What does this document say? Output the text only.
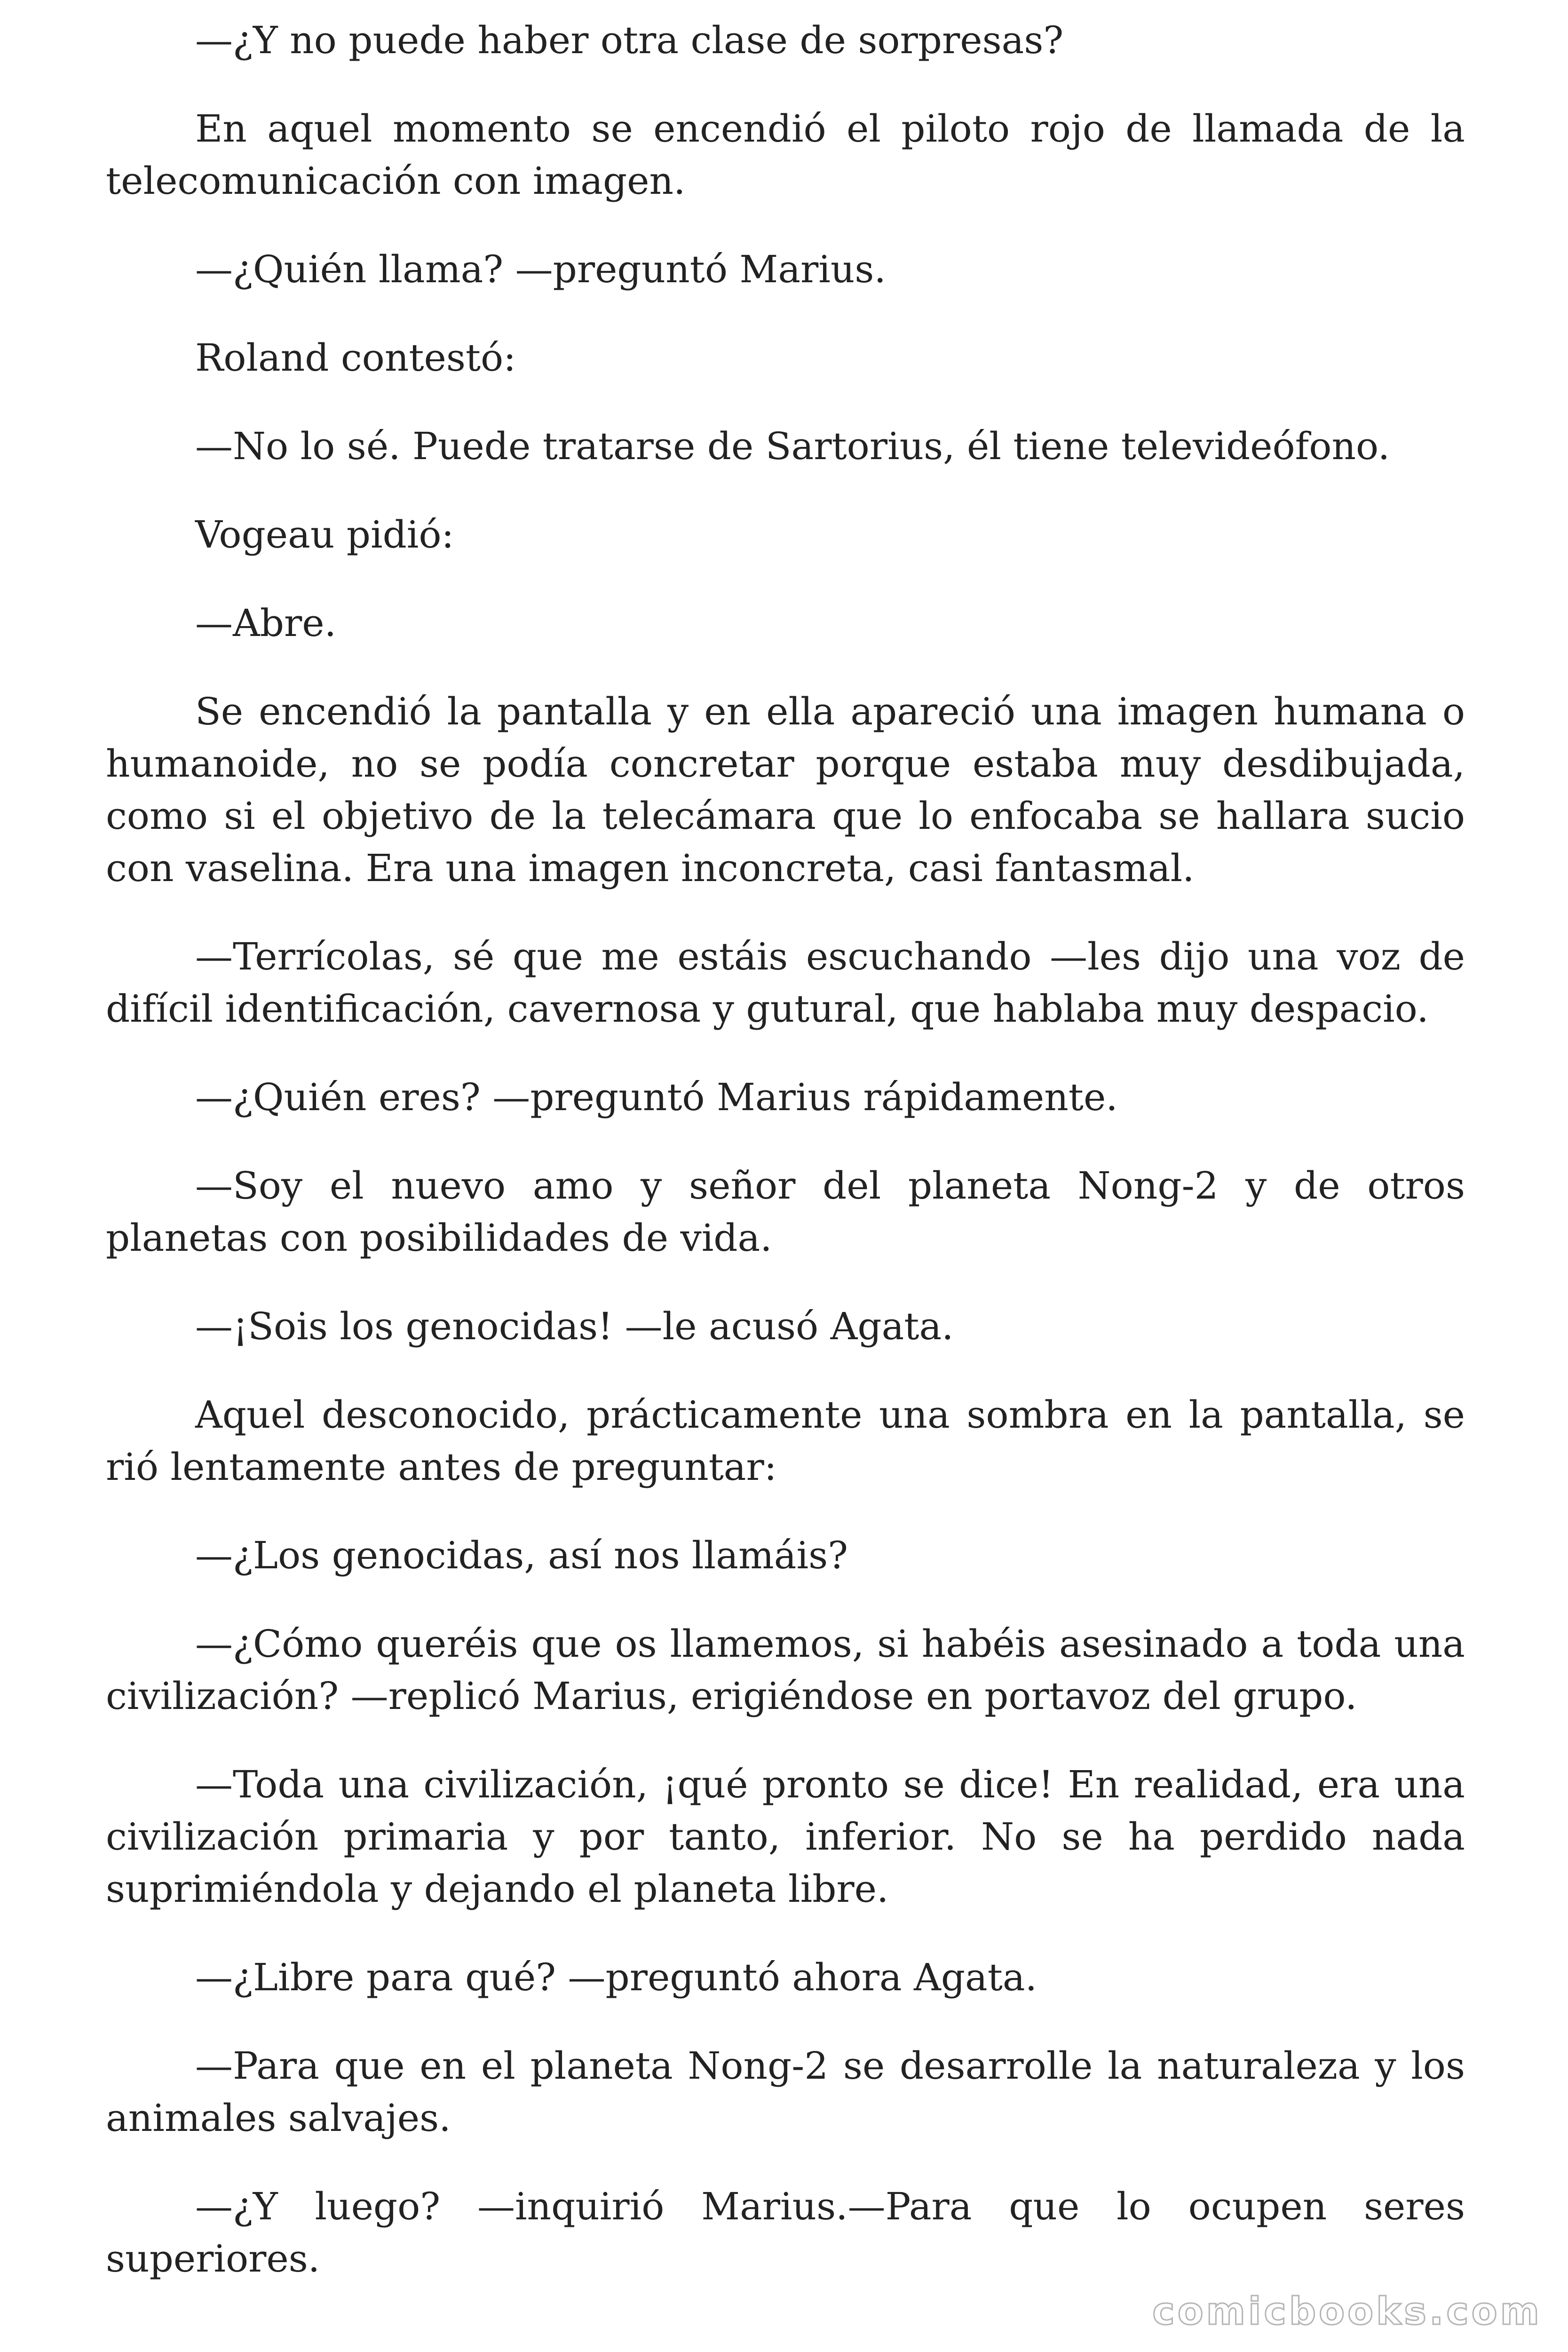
—¿Y no puede haber otra clase de sorpresas?

En aquel momento se encendió el piloto rojo de llamada de la telecomunicación con imagen.

—¿Quién llama? —preguntó Marius.

Roland contestó:

—No lo sé. Puede tratarse de Sartorius, él tiene televideófono.

Vogeau pidió:

—Abre.

Se encendió la pantalla y en ella apareció una imagen humana o humanoide, no se podía concretar porque estaba muy desdibujada, como si el objetivo de la telecámara que lo enfocaba se hallara sucio con vaselina. Era una imagen inconcreta, casi fantasmal.

—Terrícolas, sé que me estáis escuchando —les dijo una voz de difícil identificación, cavernosa y gutural, que hablaba muy despacio.

—¿Quién eres? —preguntó Marius rápidamente.

—Soy el nuevo amo y señor del planeta Nong-2 y de otros planetas con posibilidades de vida.

—¡Sois los genocidas! —le acusó Agata.

Aquel desconocido, prácticamente una sombra en la pantalla, se rió lentamente antes de preguntar:

—¿Los genocidas, así nos llamáis?

—¿Cómo queréis que os llamemos, si habéis asesinado a toda una civilización? —replicó Marius, erigiéndose en portavoz del grupo.

—Toda una civilización, ¡qué pronto se dice! En realidad, era una civilización primaria y por tanto, inferior. No se ha perdido nada suprimiéndola y dejando el planeta libre.

—¿Libre para qué? —preguntó ahora Agata.

—Para que en el planeta Nong-2 se desarrolle la naturaleza y los animales salvajes.

—¿Y luego? —inquirió Marius.—Para que lo ocupen seres superiores.

comicbooks.com
